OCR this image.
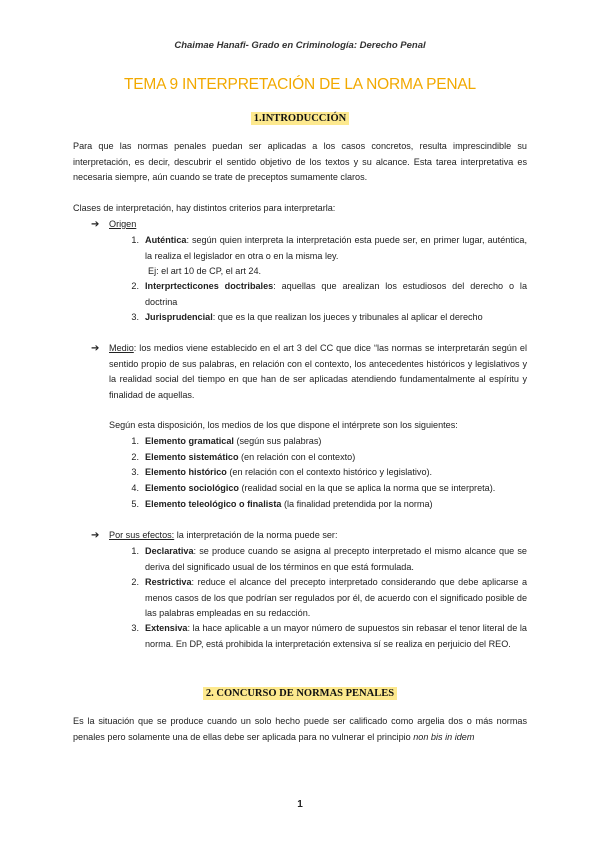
Chaimae Hanafi- Grado en Criminología: Derecho Penal
TEMA 9 INTERPRETACIÓN DE LA NORMA PENAL
1.INTRODUCCIÓN
Para que las normas penales puedan ser aplicadas a los casos concretos, resulta imprescindible su interpretación, es decir, descubrir el sentido objetivo de los textos y su alcance. Esta tarea interpretativa es necesaria siempre, aún cuando se trate de preceptos sumamente claros.
Clases de interpretación, hay distintos criterios para interpretarla:
➔ Origen
1. Auténtica: según quien interpreta la interpretación esta puede ser, en primer lugar, auténtica, la realiza el legislador en otra o en la misma ley.
Ej: el art 10 de CP, el art 24.
2. Interprtecticones doctribales: aquellas que arealizan los estudiosos del derecho o la doctrina
3. Jurisprudencial: que es la que realizan los jueces y tribunales al aplicar el derecho
➔ Medio: los medios viene establecido en el art 3 del CC que dice “las normas se interpretarán según el sentido propio de sus palabras, en relación con el contexto, los antecedentes históricos y legislativos y la realidad social del tiempo en que han de ser aplicadas atendiendo fundamentalmente al espíritu y finalidad de aquellas.
Según esta disposición, los medios de los que dispone el intérprete son los siguientes:
1. Elemento gramatical (según sus palabras)
2. Elemento sistemático (en relación con el contexto)
3. Elemento histórico (en relación con el contexto histórico y legislativo).
4. Elemento sociológico (realidad social en la que se aplica la norma que se interpreta).
5. Elemento teleológico o finalista (la finalidad pretendida por la norma)
➔ Por sus efectos: la interpretación de la norma puede ser:
1. Declarativa: se produce cuando se asigna al precepto interpretado el mismo alcance que se deriva del significado usual de los términos en que está formulada.
2. Restrictiva: reduce el alcance del precepto interpretado considerando que debe aplicarse a menos casos de los que podrían ser regulados por él, de acuerdo con el significado posible de las palabras empleadas en su redacción.
3. Extensiva: la hace aplicable a un mayor número de supuestos sin rebasar el tenor literal de la norma. En DP, está prohibida la interpretación extensiva sí se realiza en perjuicio del REO.
2. CONCURSO DE NORMAS PENALES
Es la situación que se produce cuando un solo hecho puede ser calificado como argelia dos o más normas penales pero solamente una de ellas debe ser aplicada para no vulnerar el principio non bis in idem
1
